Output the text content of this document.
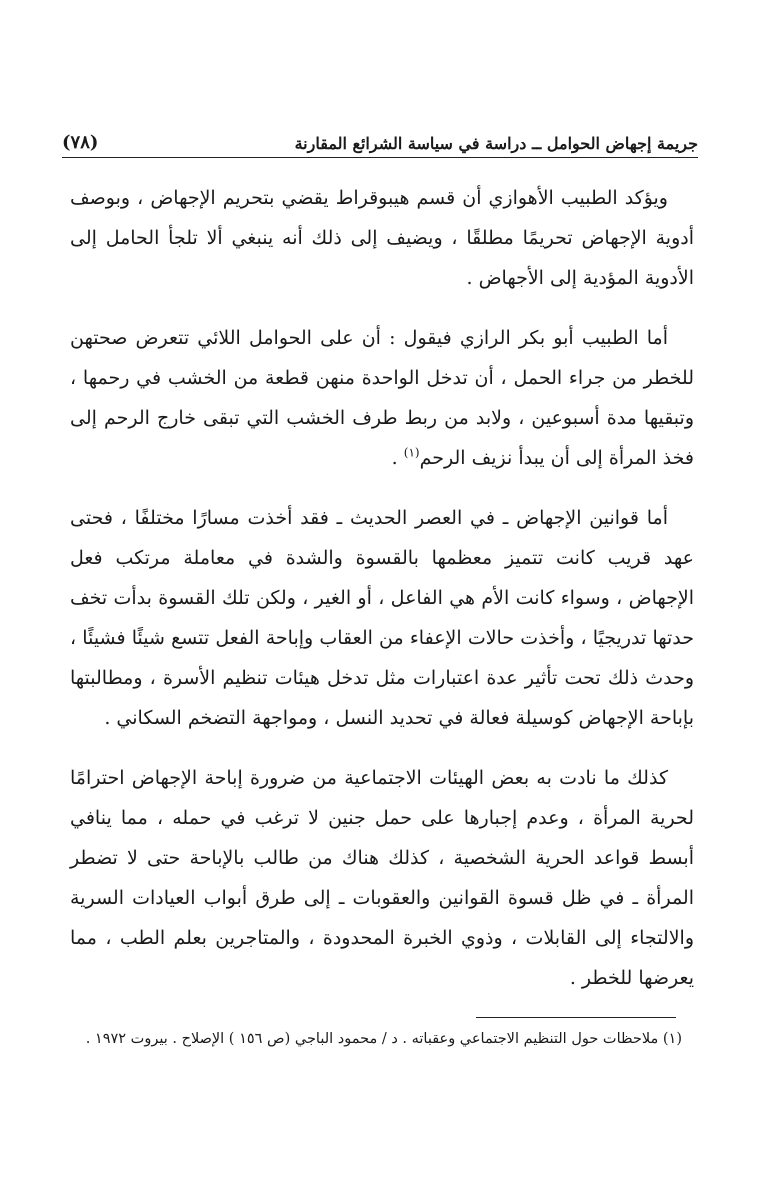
جريمة إجهاض الحوامل ــ دراسة في سياسة الشرائع المقارنة
(٧٨)

ويؤكد الطبيب الأهوازي أن قسم هيبوقراط يقضي بتحريم الإجهاض ، وبوصف أدوية الإجهاض تحريمًا مطلقًا ، ويضيف إلى ذلك أنه ينبغي ألا تلجأ الحامل إلى الأدوية المؤدية إلى الأجهاض .

أما الطبيب أبو بكر الرازي فيقول : أن على الحوامل اللائي تتعرض صحتهن للخطر من جراء الحمل ، أن تدخل الواحدة منهن قطعة من الخشب في رحمها ، وتبقيها مدة أسبوعين ، ولابد من ربط طرف الخشب التي تبقى خارج الرحم إلى فخذ المرأة إلى أن يبدأ نزيف الرحم$^{(١)}$ .

أما قوانين الإجهاض ـ في العصر الحديث ـ فقد أخذت مسارًا مختلفًا ، فحتى عهد قريب كانت تتميز معظمها بالقسوة والشدة في معاملة مرتكب فعل الإجهاض ، وسواء كانت الأم هي الفاعل ، أو الغير ، ولكن تلك القسوة بدأت تخف حدتها تدريجيًا ، وأخذت حالات الإعفاء من العقاب وإباحة الفعل تتسع شيئًا فشيئًا ، وحدث ذلك تحت تأثير عدة اعتبارات مثل تدخل هيئات تنظيم الأسرة ، ومطالبتها بإباحة الإجهاض كوسيلة فعالة في تحديد النسل ، ومواجهة التضخم السكاني .

كذلك ما نادت به بعض الهيئات الاجتماعية من ضرورة إباحة الإجهاض احترامًا لحرية المرأة ، وعدم إجبارها على حمل جنين لا ترغب في حمله ، مما ينافي أبسط قواعد الحرية الشخصية ، كذلك هناك من طالب بالإباحة حتى لا تضطر المرأة ـ في ظل قسوة القوانين والعقوبات ـ إلى طرق أبواب العيادات السرية والالتجاء إلى القابلات ، وذوي الخبرة المحدودة ، والمتاجرين بعلم الطب ، مما يعرضها للخطر .

(١) ملاحظات حول التنظيم الاجتماعي وعقباته . د / محمود الباجي (ص ١٥٦ ) الإصلاح . بيروت ١٩٧٢ .
